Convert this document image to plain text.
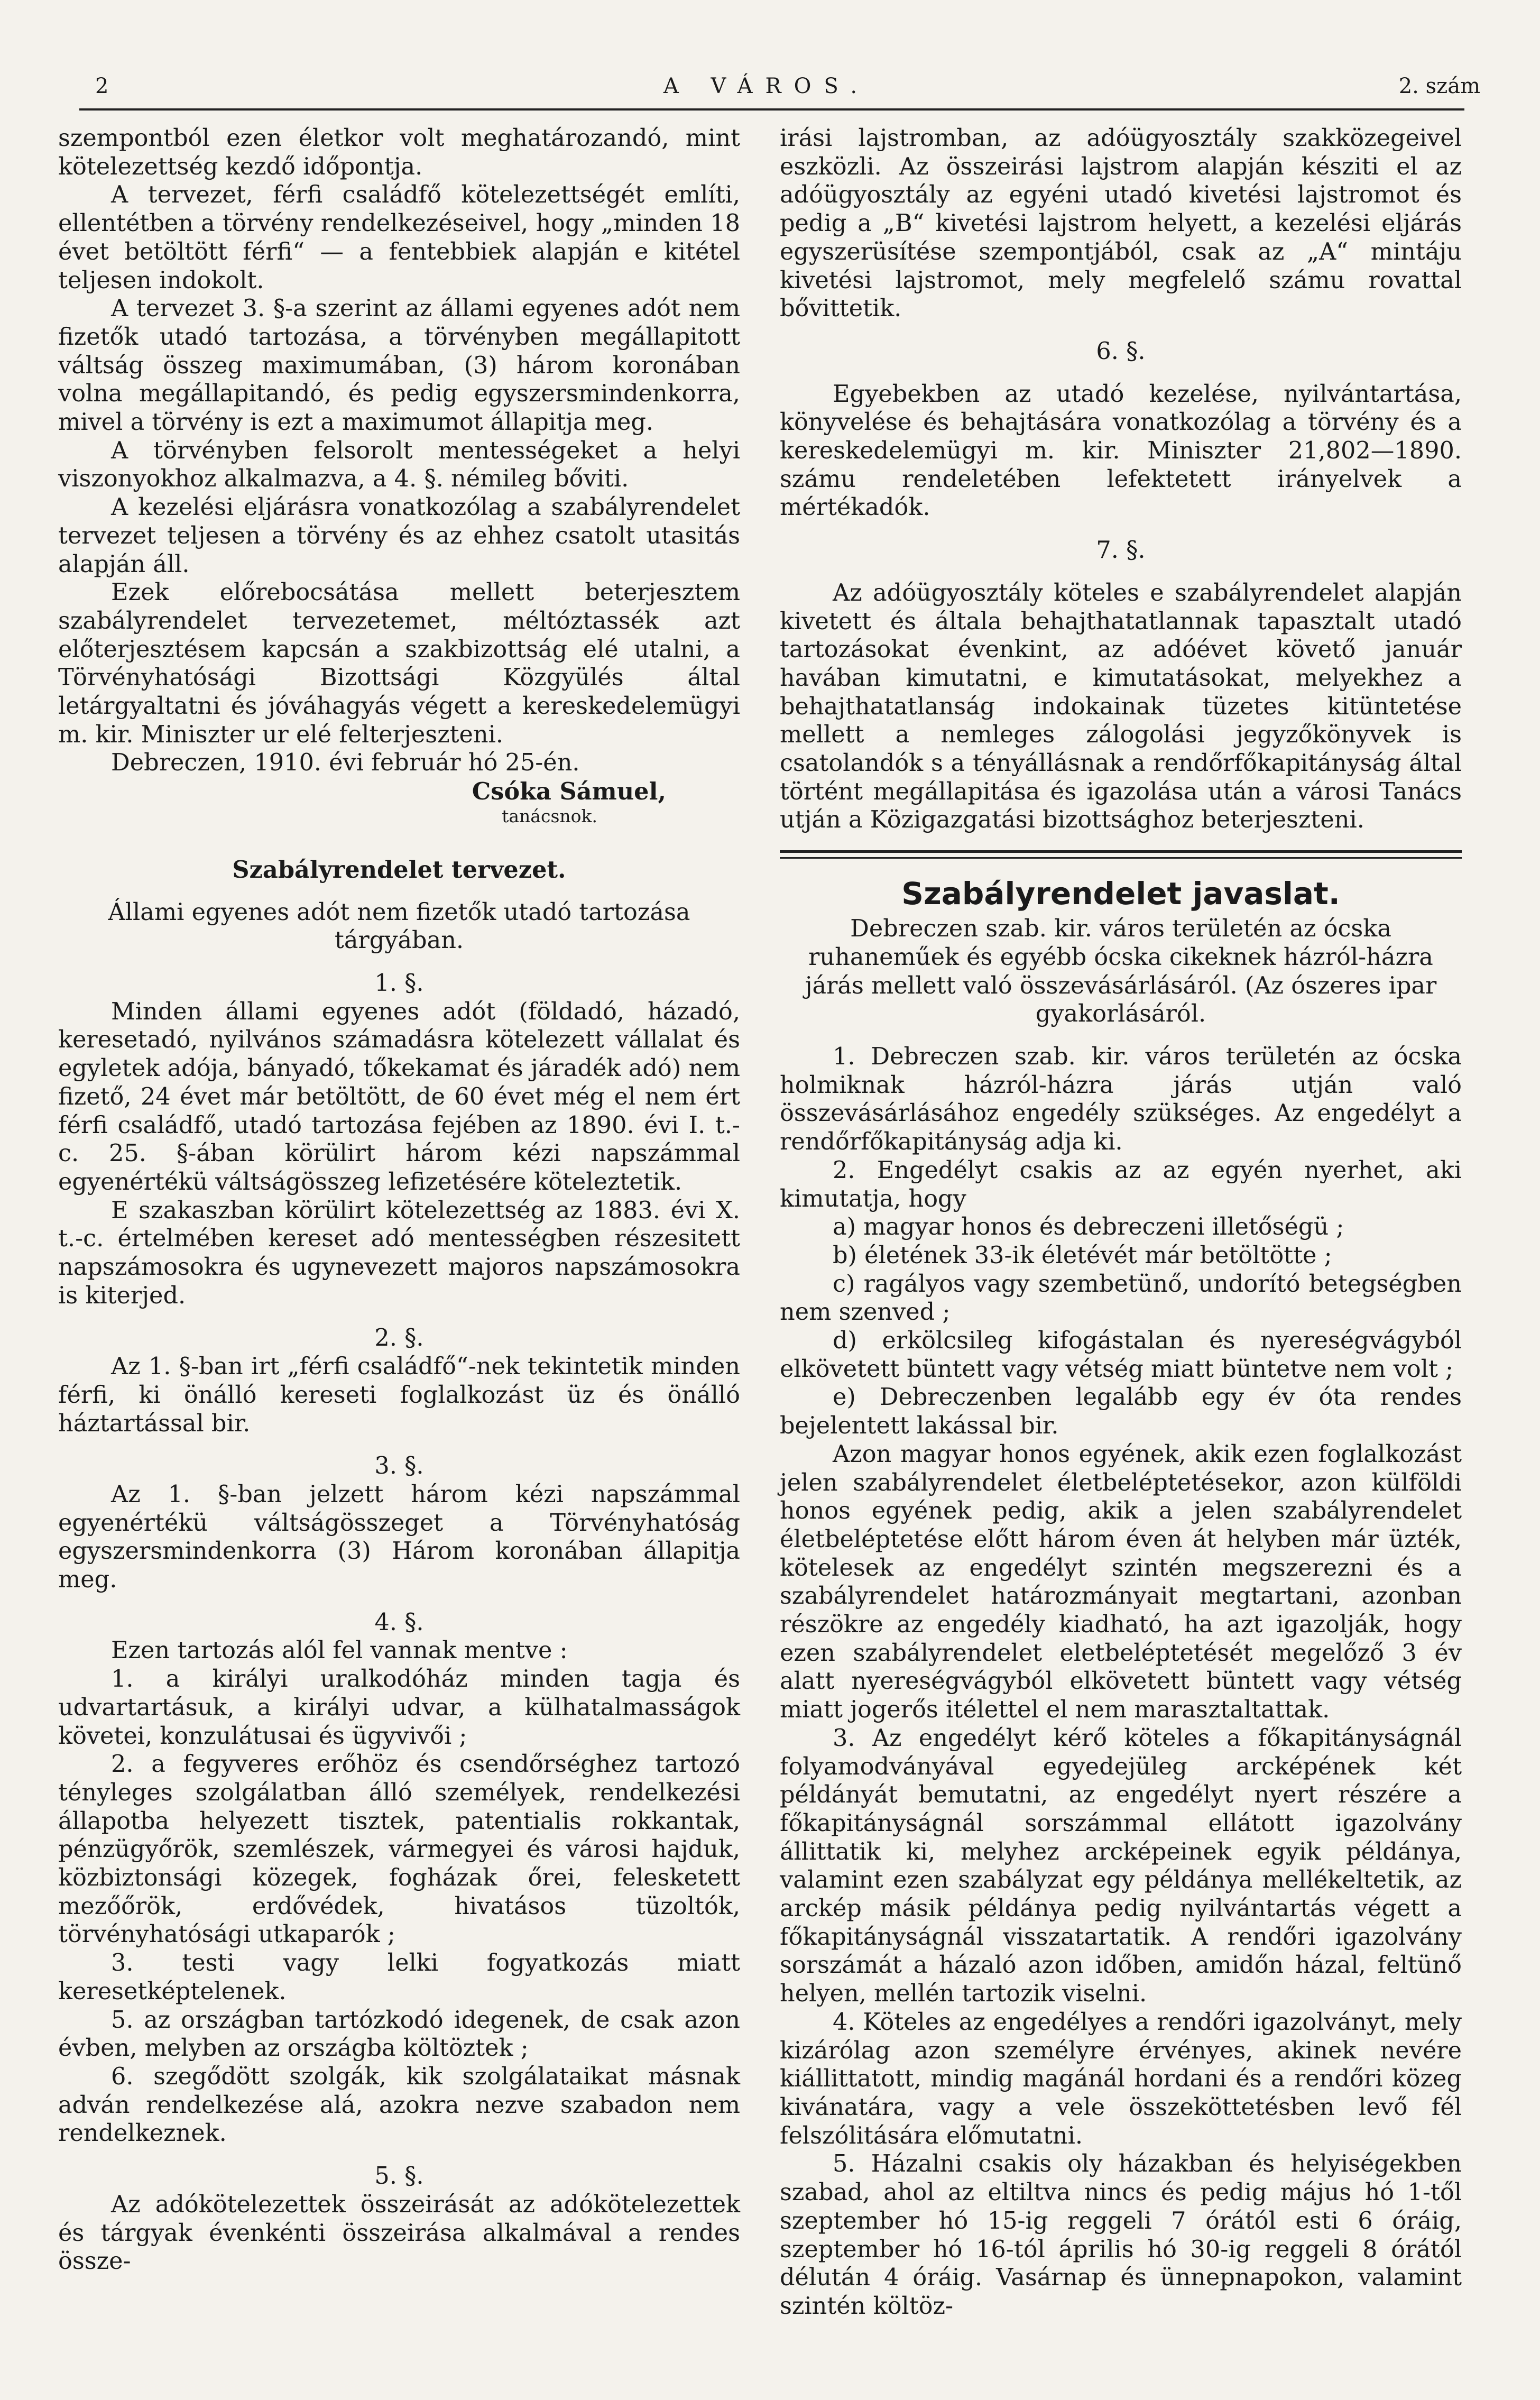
2	A VÁROS.	2. szám

szempontból ezen életkor volt meghatározandó, mint kötelezettség kezdő időpontja.

A tervezet, férfi családfő kötelezettségét említi, ellentétben a törvény rendelkezéseivel, hogy „minden 18 évet betöltött férfi“ — a fentebbiek alapján e kitétel teljesen indokolt.

A tervezet 3. §-a szerint az állami egyenes adót nem fizetők utadó tartozása, a törvényben megállapitott váltság összeg maximumában, (3) három koronában volna megállapitandó, és pedig egyszersmindenkorra, mivel a törvény is ezt a maximumot állapitja meg.

A törvényben felsorolt mentességeket a helyi viszonyokhoz alkalmazva, a 4. §. némileg bőviti.

A kezelési eljárásra vonatkozólag a szabályrendelet tervezet teljesen a törvény és az ehhez csatolt utasitás alapján áll.

Ezek előrebocsátása mellett beterjesztem szabályrendelet tervezetemet, méltóztassék azt előterjesztésem kapcsán a szakbizottság elé utalni, a Törvényhatósági Bizottsági Közgyülés által letárgyaltatni és jóváhagyás végett a kereskedelemügyi m. kir. Miniszter ur elé felterjeszteni.

Debreczen, 1910. évi február hó 25-én.

Csóka Sámuel,

tanácsnok.

Szabályrendelet tervezet.

Állami egyenes adót nem fizetők utadó tartozása tárgyában.

1. §.

Minden állami egyenes adót (földadó, házadó, keresetadó, nyilvános számadásra kötelezett vállalat és egyletek adója, bányadó, tőkekamat és járadék adó) nem fizető, 24 évet már betöltött, de 60 évet még el nem ért férfi családfő, utadó tartozása fejében az 1890. évi I. t.-c. 25. §-ában körülirt három kézi napszámmal egyenértékü váltságösszeg lefizetésére köteleztetik.

E szakaszban körülirt kötelezettség az 1883. évi X. t.-c. értelmében kereset adó mentességben részesitett napszámosokra és ugynevezett majoros napszámosokra is kiterjed.

2. §.

Az 1. §-ban irt „férfi családfő“-nek tekintetik minden férfi, ki önálló kereseti foglalkozást üz és önálló háztartással bir.

3. §.

Az 1. §-ban jelzett három kézi napszámmal egyenértékü váltságösszeget a Törvényhatóság egyszersmindenkorra (3) Három koronában állapitja meg.

4. §.

Ezen tartozás alól fel vannak mentve :

1. a királyi uralkodóház minden tagja és udvartartásuk, a királyi udvar, a külhatalmasságok követei, konzulátusai és ügyvivői ;

2. a fegyveres erőhöz és csendőrséghez tartozó tényleges szolgálatban álló személyek, rendelkezési állapotba helyezett tisztek, patentialis rokkantak, pénzügyőrök, szemlészek, vármegyei és városi hajduk, közbiztonsági közegek, fogházak őrei, felesketett mezőőrök, erdővédek, hivatásos tüzoltók, törvényhatósági utkaparók ;

3. testi vagy lelki fogyatkozás miatt keresetképtelenek.

5. az országban tartózkodó idegenek, de csak azon évben, melyben az országba költöztek ;

6. szegődött szolgák, kik szolgálataikat másnak adván rendelkezése alá, azokra nezve szabadon nem rendelkeznek.

5. §.

Az adókötelezettek összeirását az adókötelezettek és tárgyak évenkénti összeirása alkalmával a rendes össze-

irási lajstromban, az adóügyosztály szakközegeivel eszközli. Az összeirási lajstrom alapján késziti el az adóügyosztály az egyéni utadó kivetési lajstromot és pedig a „B“ kivetési lajstrom helyett, a kezelési eljárás egyszerüsítése szempontjából, csak az „A“ mintáju kivetési lajstromot, mely megfelelő számu rovattal bővittetik.

6. §.

Egyebekben az utadó kezelése, nyilvántartása, könyvelése és behajtására vonatkozólag a törvény és a kereskedelemügyi m. kir. Miniszter 21,802—1890. számu rendeletében lefektetett irányelvek a mértékadók.

7. §.

Az adóügyosztály köteles e szabályrendelet alapján kivetett és általa behajthatatlannak tapasztalt utadó tartozásokat évenkint, az adóévet követő január havában kimutatni, e kimutatásokat, melyekhez a behajthatatlanság indokainak tüzetes kitüntetése mellett a nemleges zálogolási jegyzőkönyvek is csatolandók s a tényállásnak a rendőrfőkapitányság által történt megállapitása és igazolása után a városi Tanács utján a Közigazgatási bizottsághoz beterjeszteni.

Szabályrendelet javaslat.

Debreczen szab. kir. város területén az ócska ruhaneműek és egyébb ócska cikeknek házról-házra járás mellett való összevásárlásáról. (Az ószeres ipar gyakorlásáról.

1. Debreczen szab. kir. város területén az ócska holmiknak házról-házra járás utján való összevásárlásához engedély szükséges. Az engedélyt a rendőrfőkapitányság adja ki.

2. Engedélyt csakis az az egyén nyerhet, aki kimutatja, hogy

a) magyar honos és debreczeni illetőségü ;

b) életének 33-ik életévét már betöltötte ;

c) ragályos vagy szembetünő, undorító betegségben nem szenved ;

d) erkölcsileg kifogástalan és nyereségvágyból elkövetett büntett vagy vétség miatt büntetve nem volt ;

e) Debreczenben legalább egy év óta rendes bejelentett lakással bir.

Azon magyar honos egyének, akik ezen foglalkozást jelen szabályrendelet életbeléptetésekor, azon külföldi honos egyének pedig, akik a jelen szabályrendelet életbeléptetése előtt három éven át helyben már üzték, kötelesek az engedélyt szintén megszerezni és a szabályrendelet határozmányait megtartani, azonban részökre az engedély kiadható, ha azt igazolják, hogy ezen szabályrendelet eletbeléptetését megelőző 3 év alatt nyereségvágyból elkövetett büntett vagy vétség miatt jogerős itélettel el nem marasztaltattak.

3. Az engedélyt kérő köteles a főkapitányságnál folyamodványával egyedejüleg arcképének két példányát bemutatni, az engedélyt nyert részére a főkapitányságnál sorszámmal ellátott igazolvány állittatik ki, melyhez arcképeinek egyik példánya, valamint ezen szabályzat egy példánya mellékeltetik, az arckép másik példánya pedig nyilvántartás végett a főkapitányságnál visszatartatik. A rendőri igazolvány sorszámát a házaló azon időben, amidőn házal, feltünő helyen, mellén tartozik viselni.

4. Köteles az engedélyes a rendőri igazolványt, mely kizárólag azon személyre érvényes, akinek nevére kiállittatott, mindig magánál hordani és a rendőri közeg kivánatára, vagy a vele összeköttetésben levő fél felszólitására előmutatni.

5. Házalni csakis oly házakban és helyiségekben szabad, ahol az eltiltva nincs és pedig május hó 1-től szeptember hó 15-ig reggeli 7 órától esti 6 óráig, szeptember hó 16-tól április hó 30-ig reggeli 8 órától délután 4 óráig. Vasárnap és ünnepnapokon, valamint szintén költöz-
